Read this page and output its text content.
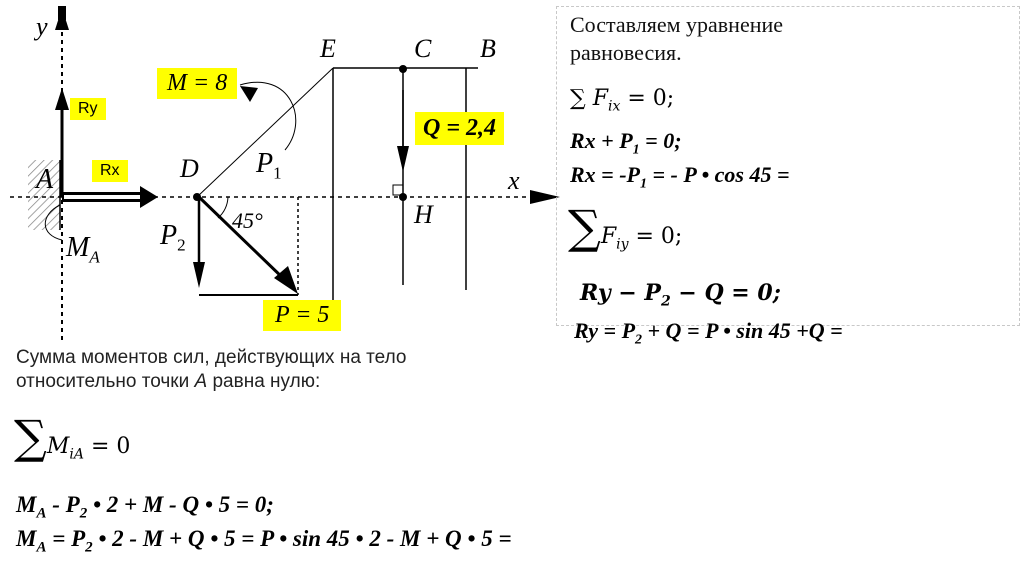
y
x
A	D
E	C B
H
M = 8
Q = 2,4
P = 5
Ry
Rx	$P_1$
$P_2$
$M_A$
45°
Составляем уравнение
равновесия.
∑ $F_{ix} = 0$;
$Rx + P_1 = 0$;
$Rx = -P_1$ = - P • cos 45 =
$\sum F_{iy} = 0$;
$Ry - P_2 - Q = 0$;
$Ry = P_2 + Q = P$ • sin 45 +Q =
Сумма моментов сил, действующих на тело
относительно точки A равна нулю:
$\sum M_{iA} = 0$
$M_A - P_2$ • 2 + M - Q • 5 = 0;
$M_A = P_2$ • 2 - M + Q • 5 = P • sin 45 • 2 - M + Q • 5 =
